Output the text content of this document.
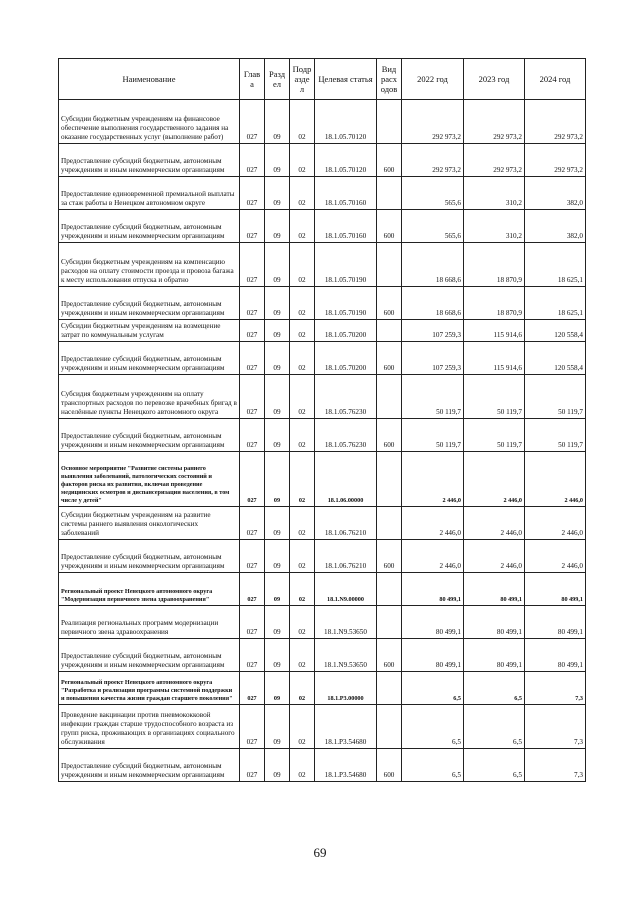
Наименование	Глав а	Разд ел	Подр азде л	Целевая статья	Вид расх одов	2022 год	2023 год	2024 год
Субсидии бюджетным учреждениям на финансовое обеспечение выполнения государственного задания на оказание государственных услуг (выполнение работ)	027	09	02	18.1.05.70120		292 973,2	292 973,2	292 973,2
Предоставление субсидий бюджетным, автономным учреждениям и иным некоммерческим организациям	027	09	02	18.1.05.70120	600	292 973,2	292 973,2	292 973,2
Предоставление единовременной премиальной выплаты за стаж работы в Ненецком автономном округе	027	09	02	18.1.05.70160		565,6	310,2	382,0
Предоставление субсидий бюджетным, автономным учреждениям и иным некоммерческим организациям	027	09	02	18.1.05.70160	600	565,6	310,2	382,0
Субсидии бюджетным учреждениям на компенсацию расходов на оплату стоимости проезда и провоза багажа к месту использования отпуска и обратно	027	09	02	18.1.05.70190		18 668,6	18 870,9	18 625,1
Предоставление субсидий бюджетным, автономным учреждениям и иным некоммерческим организациям	027	09	02	18.1.05.70190	600	18 668,6	18 870,9	18 625,1
Субсидии бюджетным учреждениям на возмещение затрат по коммунальным услугам	027	09	02	18.1.05.70200		107 259,3	115 914,6	120 558,4
Предоставление субсидий бюджетным, автономным учреждениям и иным некоммерческим организациям	027	09	02	18.1.05.70200	600	107 259,3	115 914,6	120 558,4
Субсидия бюджетным учреждениям на оплату транспортных расходов по перевозке врачебных бригад в населённые пункты Ненецкого автономного округа	027	09	02	18.1.05.76230		50 119,7	50 119,7	50 119,7
Предоставление субсидий бюджетным, автономным учреждениям и иным некоммерческим организациям	027	09	02	18.1.05.76230	600	50 119,7	50 119,7	50 119,7
Основное мероприятие "Развитие системы раннего выявления заболеваний, патологических состояний и факторов риска их развития, включая проведение медицинских осмотров и диспансеризации населения, в том числе у детей"	027	09	02	18.1.06.00000		2 446,0	2 446,0	2 446,0
Субсидии бюджетным учреждениям на развитие системы раннего выявления онкологических заболеваний	027	09	02	18.1.06.76210		2 446,0	2 446,0	2 446,0
Предоставление субсидий бюджетным, автономным учреждениям и иным некоммерческим организациям	027	09	02	18.1.06.76210	600	2 446,0	2 446,0	2 446,0
Региональный проект Ненецкого автономного округа "Модернизация первичного звена здравоохранения"	027	09	02	18.1.N9.00000		80 499,1	80 499,1	80 499,1
Реализация региональных программ модернизации первичного звена здравоохранения	027	09	02	18.1.N9.53650		80 499,1	80 499,1	80 499,1
Предоставление субсидий бюджетным, автономным учреждениям и иным некоммерческим организациям	027	09	02	18.1.N9.53650	600	80 499,1	80 499,1	80 499,1
Региональный проект Ненецкого автономного округа "Разработка и реализация программы системной поддержки и повышения качества жизни граждан старшего поколения"	027	09	02	18.1.P3.00000		6,5	6,5	7,3
Проведение вакцинации против пневмококковой инфекции граждан старше трудоспособного возраста из групп риска, проживающих в организациях социального обслуживания	027	09	02	18.1.P3.54680		6,5	6,5	7,3
Предоставление субсидий бюджетным, автономным учреждениям и иным некоммерческим организациям	027	09	02	18.1.P3.54680	600	6,5	6,5	7,3
69
